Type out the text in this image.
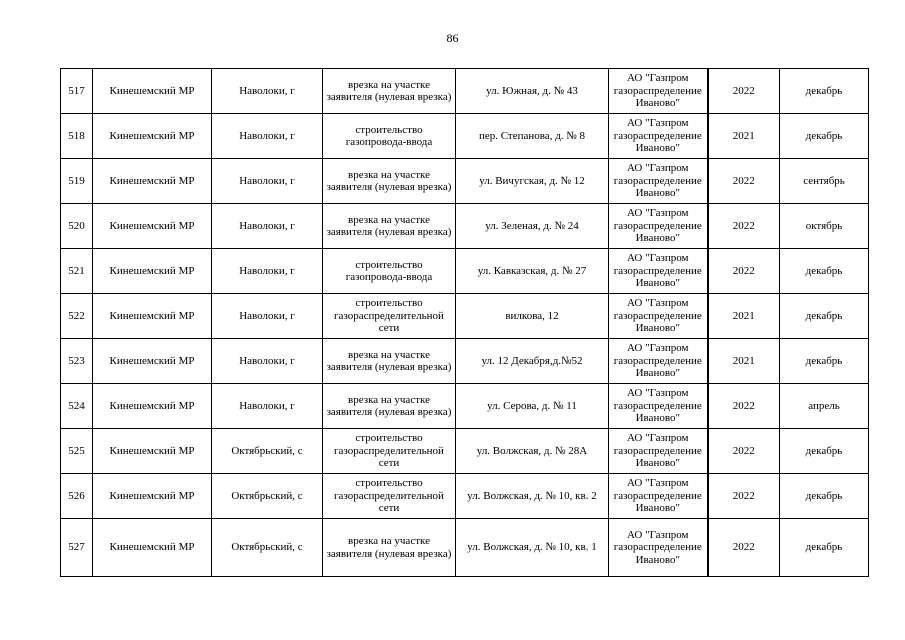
86
517	Кинешемский МР	Наволоки, г	врезка на участке заявителя (нулевая врезка)	ул. Южная, д. № 43	АО "Газпром газораспределение Иваново"	2022	декабрь
518	Кинешемский МР	Наволоки, г	строительство газопровода-ввода	пер. Степанова, д. № 8	АО "Газпром газораспределение Иваново"	2021	декабрь
519	Кинешемский МР	Наволоки, г	врезка на участке заявителя (нулевая врезка)	ул. Вичугская, д. № 12	АО "Газпром газораспределение Иваново"	2022	сентябрь
520	Кинешемский МР	Наволоки, г	врезка на участке заявителя (нулевая врезка)	ул. Зеленая, д. № 24	АО "Газпром газораспределение Иваново"	2022	октябрь
521	Кинешемский МР	Наволоки, г	строительство газопровода-ввода	ул. Кавказская, д. № 27	АО "Газпром газораспределение Иваново"	2022	декабрь
522	Кинешемский МР	Наволоки, г	строительство газораспределительной сети	вилкова, 12	АО "Газпром газораспределение Иваново"	2021	декабрь
523	Кинешемский МР	Наволоки, г	врезка на участке заявителя (нулевая врезка)	ул. 12 Декабря,д.№52	АО "Газпром газораспределение Иваново"	2021	декабрь
524	Кинешемский МР	Наволоки, г	врезка на участке заявителя (нулевая врезка)	ул. Серова, д. № 11	АО "Газпром газораспределение Иваново"	2022	апрель
525	Кинешемский МР	Октябрьский, с	строительство газораспределительной сети	ул. Волжская, д. № 28А	АО "Газпром газораспределение Иваново"	2022	декабрь
526	Кинешемский МР	Октябрьский, с	строительство газораспределительной сети	ул. Волжская, д. № 10, кв. 2	АО "Газпром газораспределение Иваново"	2022	декабрь
527	Кинешемский МР	Октябрьский, с	врезка на участке заявителя (нулевая врезка)	ул. Волжская, д. № 10, кв. 1	АО "Газпром газораспределение Иваново"	2022	декабрь
